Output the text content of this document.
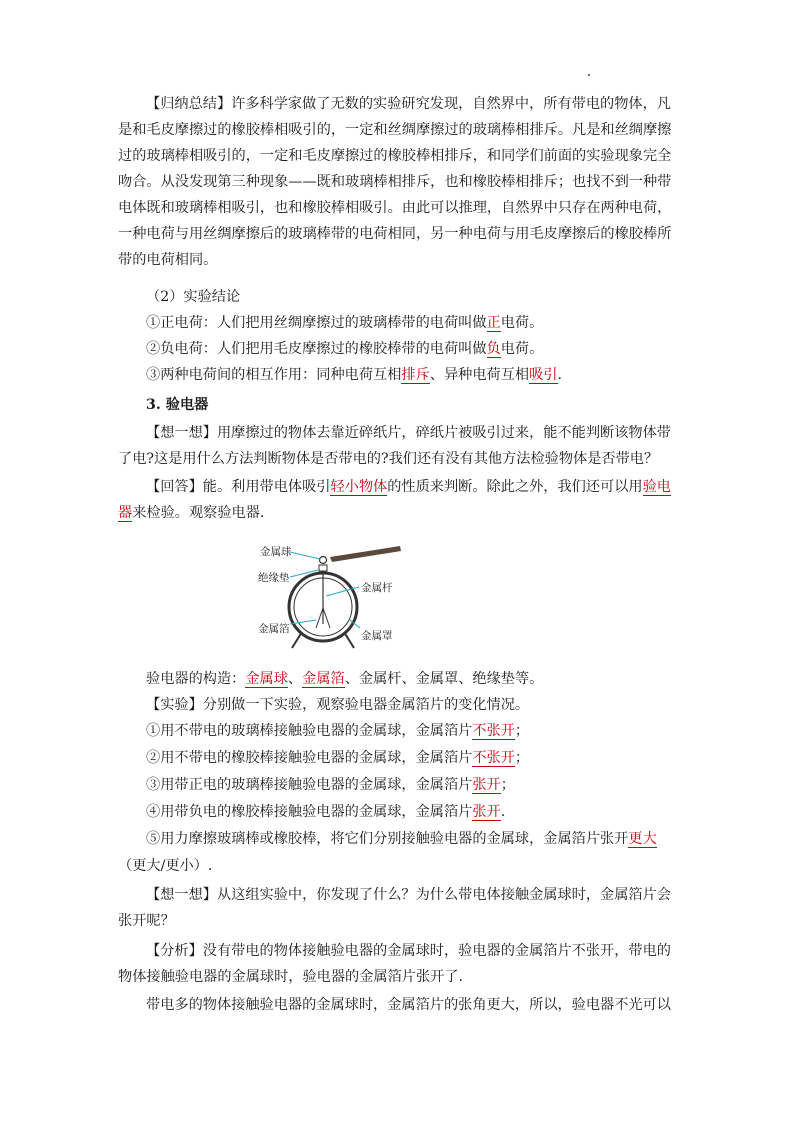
【归纳总结】许多科学家做了无数的实验研究发现，自然界中，所有带电的物体，凡
是和毛皮摩擦过的橡胶棒相吸引的，一定和丝绸摩擦过的玻璃棒相排斥。凡是和丝绸摩擦
过的玻璃棒相吸引的，一定和毛皮摩擦过的橡胶棒相排斥，和同学们前面的实验现象完全
吻合。从没发现第三种现象——既和玻璃棒相排斥，也和橡胶棒相排斥；也找不到一种带
电体既和玻璃棒相吸引，也和橡胶棒相吸引。由此可以推理，自然界中只存在两种电荷，
一种电荷与用丝绸摩擦后的玻璃棒带的电荷相同，另一种电荷与用毛皮摩擦后的橡胶棒所
带的电荷相同。
（2）实验结论
①正电荷：人们把用丝绸摩擦过的玻璃棒带的电荷叫做正电荷。
②负电荷：人们把用毛皮摩擦过的橡胶棒带的电荷叫做负电荷。
③两种电荷间的相互作用：同种电荷互相排斥、异种电荷互相吸引.
3. 验电器
【想一想】用摩擦过的物体去靠近碎纸片，碎纸片被吸引过来，能不能判断该物体带
了电?这是用什么方法判断物体是否带电的?我们还有没有其他方法检验物体是否带电？
【回答】能。利用带电体吸引轻小物体的性质来判断。除此之外，我们还可以用验电
器来检验。观察验电器.
金属球
绝缘垫
金属杆
金属箔
金属罩
验电器的构造：金属球、金属箔、金属杆、金属罩、绝缘垫等。
【实验】分别做一下实验，观察验电器金属箔片的变化情况。
①用不带电的玻璃棒接触验电器的金属球，金属箔片不张开；
②用不带电的橡胶棒接触验电器的金属球，金属箔片不张开；
③用带正电的玻璃棒接触验电器的金属球，金属箔片张开；
④用带负电的橡胶棒接触验电器的金属球，金属箔片张开.
⑤用力摩擦玻璃棒或橡胶棒，将它们分别接触验电器的金属球，金属箔片张开更大
（更大/更小）.
【想一想】从这组实验中，你发现了什么？为什么带电体接触金属球时，金属箔片会
张开呢？
【分析】没有带电的物体接触验电器的金属球时，验电器的金属箔片不张开，带电的
物体接触验电器的金属球时，验电器的金属箔片张开了.
带电多的物体接触验电器的金属球时，金属箔片的张角更大，所以，验电器不光可以
